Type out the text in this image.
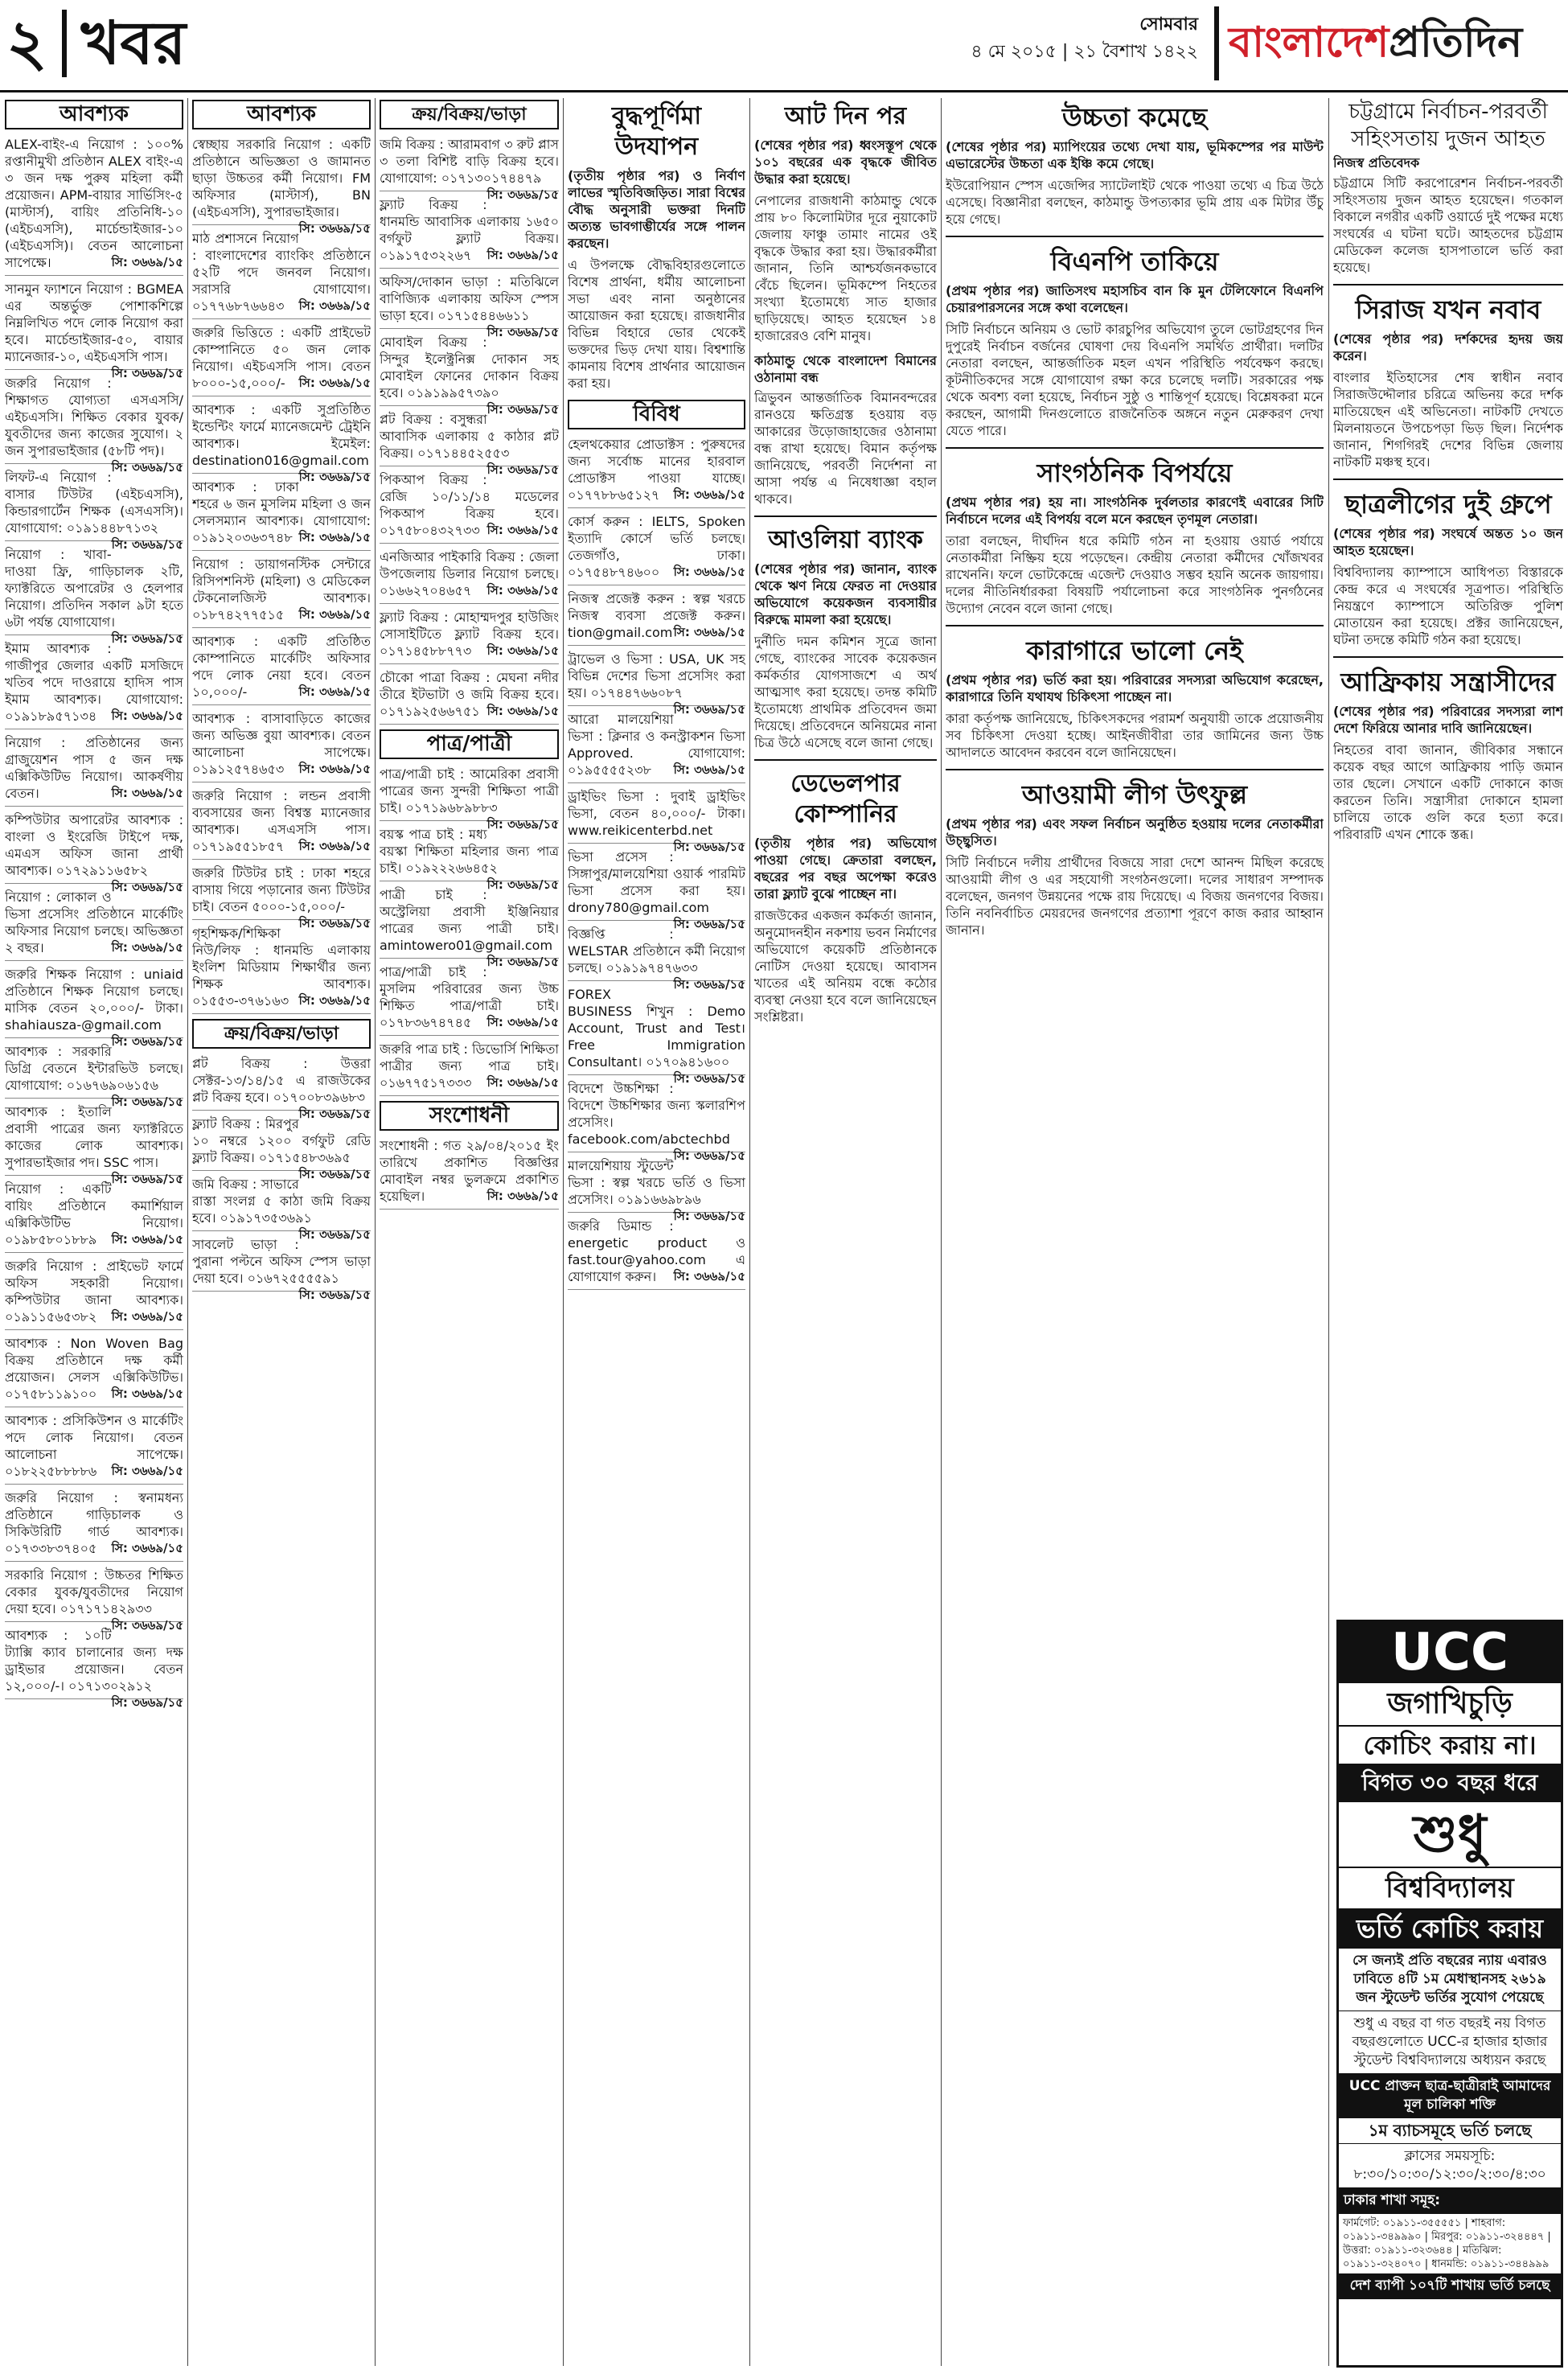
২ খবর	সোমবার
৪ মে ২০১৫ | ২১ বৈশাখ ১৪২২ বাংলাদেশ প্রতিদিন
আবশ্যক
ALEX-বাইং-এ নিয়োগ : ১০০% রপ্তানীমুখী প্রতিষ্ঠান ALEX বাইং-এ ৩ জন দক্ষ পুরুষ মহিলা কর্মী প্রয়োজন। APM-বায়ার সার্ভিসিং-৫ (মাস্টার্স), বায়িং প্রতিনিধি-১০ (এইচএসসি), মার্চেন্ডাইজার-১০ (এইচএসসি)। বেতন আলোচনা সাপেক্ষে।	সি: ৩৬৬৯/১৫
সানমুন ফ্যাশনে নিয়োগ : BGMEA এর অন্তর্ভুক্ত পোশাকশিল্পে নিম্নলিখিত পদে লোক নিয়োগ করা হবে। মার্চেন্ডাইজার-৫০, বায়ার ম্যানেজার-১০, এইচএসসি পাস।
সি: ৩৬৬৯/১৫
জরুরি নিয়োগ : শিক্ষাগত যোগ্যতা এসএসসি/এইচএসসি। শিক্ষিত বেকার যুবক/যুবতীদের জন্য কাজের সুযোগ। ২ জন সুপারভাইজার (৫৮টি পদ)।
সি: ৩৬৬৯/১৫
লিফট-এ নিয়োগ : বাসার টিউটর (এইচএসসি), কিন্ডারগার্টেন শিক্ষক (এসএসসি)। যোগাযোগ: ০১৯১৪৪৮৭১৩২
সি: ৩৬৬৯/১৫
নিয়োগ : খাবা-দাওয়া ফ্রি, গাড়িচালক ২টি, ফ্যাক্টরিতে অপারেটর ও হেলপার নিয়োগ। প্রতিদিন সকাল ৯টা হতে ৬টা পর্যন্ত যোগাযোগ।
সি: ৩৬৬৯/১৫
ইমাম আবশ্যক : গাজীপুর জেলার একটি মসজিদে খতিব পদে দাওরায়ে হাদিস পাস ইমাম আবশ্যক। যোগাযোগ: ০১৯১৮৯৫৭১৩৪ সি: ৩৬৬৯/১৫
নিয়োগ : প্রতিষ্ঠানের জন্য গ্রাজুয়েশন পাস ৫ জন দক্ষ এক্সিকিউটিভ নিয়োগ। আকর্ষণীয় বেতন।	সি: ৩৬৬৯/১৫
কম্পিউটার অপারেটর আবশ্যক : বাংলা ও ইংরেজি টাইপে দক্ষ, এমএস অফিস জানা প্রার্থী আবশ্যক। ০১৭২৯১১৬৫৮২
সি: ৩৬৬৯/১৫
নিয়োগ : লোকাল ও ভিসা প্রসেসিং প্রতিষ্ঠানে মার্কেটিং অফিসার নিয়োগ চলছে। অভিজ্ঞতা ২ বছর।	সি: ৩৬৬৯/১৫
জরুরি শিক্ষক নিয়োগ : uniaid প্রতিষ্ঠানে শিক্ষক নিয়োগ চলছে। মাসিক বেতন ২০,০০০/- টাকা। shahiausza-@gmail.com
সি: ৩৬৬৯/১৫
আবশ্যক : সরকারি ডিগ্রি বেতনে ইন্টারভিউ চলছে। যোগাযোগ: ০১৬৭৬৯০৬১৫৬
সি: ৩৬৬৯/১৫
আবশ্যক : ইতালি প্রবাসী পাত্রের জন্য ফ্যাক্টরিতে কাজের লোক আবশ্যক। সুপারভাইজার পদ। SSC পাস।
সি: ৩৬৬৯/১৫
নিয়োগ : একটি বায়িং প্রতিষ্ঠানে কমার্শিয়াল এক্সিকিউটিভ নিয়োগ। ০১৯৮৫৮০১৮৮৯ সি: ৩৬৬৯/১৫
জরুরি নিয়োগ : প্রাইভেট ফার্মে অফিস সহকারী নিয়োগ। কম্পিউটার জানা আবশ্যক। ০১৯১১৫৬৫৩৮২ সি: ৩৬৬৯/১৫
আবশ্যক : Non Woven Bag বিক্রয় প্রতিষ্ঠানে দক্ষ কর্মী প্রয়োজন। সেলস এক্সিকিউটিভ। ০১৭৫৮১১৯১০০ সি: ৩৬৬৯/১৫
আবশ্যক : প্রসিকিউশন ও মার্কেটিং পদে লোক নিয়োগ। বেতন আলোচনা সাপেক্ষে। ০১৮২২৫৮৮৮৮৬ সি: ৩৬৬৯/১৫
জরুরি নিয়োগ : স্বনামধন্য প্রতিষ্ঠানে গাড়িচালক ও সিকিউরিটি গার্ড আবশ্যক। ০১৭৩৩৮৩৭৪০৫ সি: ৩৬৬৯/১৫
সরকারি নিয়োগ : উচ্চতর শিক্ষিত বেকার যুবক/যুবতীদের নিয়োগ দেয়া হবে। ০১৭১৭১৪২৯৩৩
সি: ৩৬৬৯/১৫
আবশ্যক : ১০টি ট্যাক্সি ক্যাব চালানোর জন্য দক্ষ ড্রাইভার প্রয়োজন। বেতন ১২,০০০/-। ০১৭১৩০২৯১২
সি: ৩৬৬৯/১৫
আবশ্যক
স্বেচ্ছায় সরকারি নিয়োগ : একটি প্রতিষ্ঠানে অভিজ্ঞতা ও জামানত ছাড়া উচ্চতর কর্মী নিয়োগ। FM অফিসার (মাস্টার্স), BN (এইচএসসি), সুপারভাইজার।
সি: ৩৬৬৯/১৫
মাঠ প্রশাসনে নিয়োগ : বাংলাদেশের ব্যাংকিং প্রতিষ্ঠানে ৫২টি পদে জনবল নিয়োগ। সরাসরি যোগাযোগ। ০১৭৭৬৮৭৬৬৪৩ সি: ৩৬৬৯/১৫
জরুরি ভিত্তিতে : একটি প্রাইভেট কোম্পানিতে ৫০ জন লোক নিয়োগ। এইচএসসি পাস। বেতন ৮০০০-১৫,০০০/- সি: ৩৬৬৯/১৫
আবশ্যক : একটি সুপ্রতিষ্ঠিত ইন্ডেন্টিং ফার্মে ম্যানেজমেন্ট ট্রেইনি আবশ্যক। ইমেইল: destination016@gmail.com
সি: ৩৬৬৯/১৫
আবশ্যক : ঢাকা শহরে ৬ জন মুসলিম মহিলা ও জন সেলসম্যান আবশ্যক। যোগাযোগ: ০১৯১২০৩৬৩৭৪৮ সি: ৩৬৬৯/১৫
নিয়োগ : ডায়াগনস্টিক সেন্টারে রিসিপশনিস্ট (মহিলা) ও মেডিকেল টেকনোলজিস্ট আবশ্যক। ০১৮৭৪২৭৭৫১৫ সি: ৩৬৬৯/১৫
আবশ্যক : একটি প্রতিষ্ঠিত কোম্পানিতে মার্কেটিং অফিসার পদে লোক নেয়া হবে। বেতন ১০,০০০/-	সি: ৩৬৬৯/১৫
আবশ্যক : বাসাবাড়িতে কাজের জন্য অভিজ্ঞ বুয়া আবশ্যক। বেতন আলোচনা সাপেক্ষে। ০১৯১২৫৭৪৬৫৩ সি: ৩৬৬৯/১৫
জরুরি নিয়োগ : লন্ডন প্রবাসী ব্যবসায়ের জন্য বিশ্বস্ত ম্যানেজার আবশ্যক। এসএসসি পাস। ০১৭১৯৫৫১৮৫৭ সি: ৩৬৬৯/১৫
জরুরি টিউটর চাই : ঢাকা শহরে বাসায় গিয়ে পড়ানোর জন্য টিউটর চাই। বেতন ৫০০০-১৫,০০০/-
সি: ৩৬৬৯/১৫
গৃহশিক্ষক/শিক্ষিকা নিউ/লিফ : ধানমন্ডি এলাকায় ইংলিশ মিডিয়াম শিক্ষার্থীর জন্য শিক্ষক আবশ্যক। ০১৫৫৩-৩৭৬১৬৩ সি: ৩৬৬৯/১৫
ক্রয়/বিক্রয়/ভাড়া
প্লট বিক্রয় : উত্তরা সেক্টর-১৩/১৪/১৫ এ রাজউকের প্লট বিক্রয় হবে। ০১৭০০৮৩৯৬৮৩
সি: ৩৬৬৯/১৫
ফ্ল্যাট বিক্রয় : মিরপুর ১০ নম্বরে ১২০০ বর্গফুট রেডি ফ্ল্যাট বিক্রয়। ০১৭১৫৪৮৩৬৯৫
সি: ৩৬৬৯/১৫
জমি বিক্রয় : সাভারে রাস্তা সংলগ্ন ৫ কাঠা জমি বিক্রয় হবে। ০১৯১৭৩৫৩৬৯১
সি: ৩৬৬৯/১৫
সাবলেট ভাড়া : পুরানা পল্টনে অফিস স্পেস ভাড়া দেয়া হবে। ০১৬৭২৫৫৫৫৯১
সি: ৩৬৬৯/১৫
ক্রয়/বিক্রয়/ভাড়া
জমি বিক্রয় : আরামবাগ ৩ রুট প্লাস ৩ তলা বিশিষ্ট বাড়ি বিক্রয় হবে। যোগাযোগ: ০১৭১৩০১৭৪৪৭৯
সি: ৩৬৬৯/১৫
ফ্ল্যাট বিক্রয় : ধানমন্ডি আবাসিক এলাকায় ১৬৫০ বর্গফুট ফ্ল্যাট বিক্রয়। ০১৯১৭৫৩২২৬৭ সি: ৩৬৬৯/১৫
অফিস/দোকান ভাড়া : মতিঝিলে বাণিজ্যিক এলাকায় অফিস স্পেস ভাড়া হবে। ০১৭১৫৪৪৬৬১১
সি: ৩৬৬৯/১৫
মোবাইল বিক্রয় : সিন্দুর ইলেক্ট্রনিক্স দোকান সহ মোবাইল ফোনের দোকান বিক্রয় হবে। ০১৯১৯৯৫৭৩৯০
সি: ৩৬৬৯/১৫
প্লট বিক্রয় : বসুন্ধরা আবাসিক এলাকায় ৫ কাঠার প্লট বিক্রয়। ০১৭১৪৪৫২৫৫৩
সি: ৩৬৬৯/১৫
পিকআপ বিক্রয় : রেজি ১০/১১/১৪ মডেলের পিকআপ বিক্রয় হবে। ০১৭৫৮০৪৩২৭৩৩ সি: ৩৬৬৯/১৫
এনজিআর পাইকারি বিক্রয় : জেলা উপজেলায় ডিলার নিয়োগ চলছে। ০১৬৬২৭০৪৬৫৭ সি: ৩৬৬৯/১৫
ফ্ল্যাট বিক্রয় : মোহাম্মদপুর হাউজিং সোসাইটিতে ফ্ল্যাট বিক্রয় হবে। ০১৭১৪৫৮৮৭৭৩ সি: ৩৬৬৯/১৫
চৌকো পাত্রা বিক্রয় : মেঘনা নদীর তীরে ইটভাটা ও জমি বিক্রয় হবে। ০১৭১৯২৫৬৬৭৫১ সি: ৩৬৬৯/১৫
পাত্র/পাত্রী
পাত্র/পাত্রী চাই : আমেরিকা প্রবাসী পাত্রের জন্য সুন্দরী শিক্ষিতা পাত্রী চাই। ০১৭১৯৬৮৯৮৮৩
সি: ৩৬৬৯/১৫
বয়স্ক পাত্র চাই : মধ্য বয়স্কা শিক্ষিতা মহিলার জন্য পাত্র চাই। ০১৯২২২৬৬৪৫২
সি: ৩৬৬৯/১৫
পাত্রী চাই : অস্ট্রেলিয়া প্রবাসী ইঞ্জিনিয়ার পাত্রের জন্য পাত্রী চাই। amintowero01@gmail.com
সি: ৩৬৬৯/১৫
পাত্র/পাত্রী চাই : মুসলিম পরিবারের জন্য উচ্চ শিক্ষিত পাত্র/পাত্রী চাই। ০১৭৮৩৬৭৪৭৪৫ সি: ৩৬৬৯/১৫
জরুরি পাত্র চাই : ডিভোর্সি শিক্ষিতা পাত্রীর জন্য পাত্র চাই। ০১৬৭৭৫১৭৩৩৩ সি: ৩৬৬৯/১৫
সংশোধনী
সংশোধনী : গত ২৯/০৪/২০১৫ ইং তারিখে প্রকাশিত বিজ্ঞপ্তির মোবাইল নম্বর ভুলক্রমে প্রকাশিত হয়েছিল।	সি: ৩৬৬৯/১৫
বুদ্ধপূর্ণিমা উদযাপন

(তৃতীয় পৃষ্ঠার পর) ও নির্বাণ লাভের স্মৃতিবিজড়িত। সারা বিশ্বের বৌদ্ধ অনুসারী ভক্তরা দিনটি অত্যন্ত ভাবগাম্ভীর্যের সঙ্গে পালন করছেন।

এ উপলক্ষে বৌদ্ধবিহারগুলোতে বিশেষ প্রার্থনা, ধর্মীয় আলোচনা সভা এবং নানা অনুষ্ঠানের আয়োজন করা হয়েছে। রাজধানীর বিভিন্ন বিহারে ভোর থেকেই ভক্তদের ভিড় দেখা যায়। বিশ্বশান্তি কামনায় বিশেষ প্রার্থনার আয়োজন করা হয়।

বিবিধ
হেলথকেয়ার প্রোডাক্টস : পুরুষদের জন্য সর্বোচ্চ মানের হারবাল প্রোডাক্টস পাওয়া যাচ্ছে। ০১৭৭৮৮৬৫১২৭ সি: ৩৬৬৯/১৫
কোর্স করুন : IELTS, Spoken ইত্যাদি কোর্সে ভর্তি চলছে। তেজগাঁও, ঢাকা। ০১৭৫৪৮৭৪৬০০ সি: ৩৬৬৯/১৫
নিজস্ব প্রজেক্ট করুন : স্বল্প খরচে নিজস্ব ব্যবসা প্রজেক্ট করুন। tion@gmail.com সি: ৩৬৬৯/১৫
ট্রাভেল ও ভিসা : USA, UK সহ বিভিন্ন দেশের ভিসা প্রসেসিং করা হয়। ০১৭৪৪৭৬৬০৮৭
সি: ৩৬৬৯/১৫
আরো মালয়েশিয়া ভিসা : ক্লিনার ও কনস্ট্রাকশন ভিসা Approved. যোগাযোগ: ০১৯৫৫৫৫২৩৮ সি: ৩৬৬৯/১৫
ড্রাইভিং ভিসা : দুবাই ড্রাইভিং ভিসা, বেতন ৪০,০০০/- টাকা। www.reikicenterbd.net
সি: ৩৬৬৯/১৫
ভিসা প্রসেস : সিঙ্গাপুর/মালয়েশিয়া ওয়ার্ক পারমিট ভিসা প্রসেস করা হয়। drony780@gmail.com
সি: ৩৬৬৯/১৫
বিজ্ঞপ্তি : WELSTAR প্রতিষ্ঠানে কর্মী নিয়োগ চলছে। ০১৯১৯৭৪৭৬৩৩
সি: ৩৬৬৯/১৫
FOREX BUSINESS শিখুন : Demo Account, Trust and Test। Free Immigration Consultant। ০১৭০৯৪১৬০০
সি: ৩৬৬৯/১৫
বিদেশে উচ্চশিক্ষা : বিদেশে উচ্চশিক্ষার জন্য স্কলারশিপ প্রসেসিং। facebook.com/abctechbd
সি: ৩৬৬৯/১৫
মালয়েশিয়ায় স্টুডেন্ট ভিসা : স্বল্প খরচে ভর্তি ও ভিসা প্রসেসিং। ০১৯১৬৬৯৮৯৬
সি: ৩৬৬৯/১৫
জরুরি ডিমান্ড : energetic product ও fast.tour@yahoo.com এ যোগাযোগ করুন। সি: ৩৬৬৯/১৫
আট দিন পর

(শেষের পৃষ্ঠার পর) ধ্বংসস্তূপ থেকে ১০১ বছরের এক বৃদ্ধকে জীবিত উদ্ধার করা হয়েছে।

নেপালের রাজধানী কাঠমান্ডু থেকে প্রায় ৮০ কিলোমিটার দূরে নুয়াকোট জেলায় ফাঞ্চু তামাং নামের ওই বৃদ্ধকে উদ্ধার করা হয়। উদ্ধারকর্মীরা জানান, তিনি আশ্চর্যজনকভাবে বেঁচে ছিলেন। ভূমিকম্পে নিহতের সংখ্যা ইতোমধ্যে সাত হাজার ছাড়িয়েছে। আহত হয়েছেন ১৪ হাজারেরও বেশি মানুষ।

কাঠমান্ডু থেকে বাংলাদেশ বিমানের ওঠানামা বন্ধ

ত্রিভুবন আন্তর্জাতিক বিমানবন্দরের রানওয়ে ক্ষতিগ্রস্ত হওয়ায় বড় আকারের উড়োজাহাজের ওঠানামা বন্ধ রাখা হয়েছে। বিমান কর্তৃপক্ষ জানিয়েছে, পরবর্তী নির্দেশনা না আসা পর্যন্ত এ নিষেধাজ্ঞা বহাল থাকবে।

আওলিয়া ব্যাংক

(শেষের পৃষ্ঠার পর) জানান, ব্যাংক থেকে ঋণ নিয়ে ফেরত না দেওয়ার অভিযোগে কয়েকজন ব্যবসায়ীর বিরুদ্ধে মামলা করা হয়েছে।

দুর্নীতি দমন কমিশন সূত্রে জানা গেছে, ব্যাংকের সাবেক কয়েকজন কর্মকর্তার যোগসাজশে এ অর্থ আত্মসাৎ করা হয়েছে। তদন্ত কমিটি ইতোমধ্যে প্রাথমিক প্রতিবেদন জমা দিয়েছে। প্রতিবেদনে অনিয়মের নানা চিত্র উঠে এসেছে বলে জানা গেছে।

ডেভেলপার কোম্পানির

(তৃতীয় পৃষ্ঠার পর) অভিযোগ পাওয়া গেছে। ক্রেতারা বলছেন, বছরের পর বছর অপেক্ষা করেও তারা ফ্ল্যাট বুঝে পাচ্ছেন না।

রাজউকের একজন কর্মকর্তা জানান, অনুমোদনহীন নকশায় ভবন নির্মাণের অভিযোগে কয়েকটি প্রতিষ্ঠানকে নোটিস দেওয়া হয়েছে। আবাসন খাতের এই অনিয়ম বন্ধে কঠোর ব্যবস্থা নেওয়া হবে বলে জানিয়েছেন সংশ্লিষ্টরা।

উচ্চতা কমেছে

(শেষের পৃষ্ঠার পর) ম্যাপিংয়ের তথ্যে দেখা যায়, ভূমিকম্পের পর মাউন্ট এভারেস্টের উচ্চতা এক ইঞ্চি কমে গেছে।

ইউরোপিয়ান স্পেস এজেন্সির স্যাটেলাইট থেকে পাওয়া তথ্যে এ চিত্র উঠে এসেছে। বিজ্ঞানীরা বলছেন, কাঠমান্ডু উপত্যকার ভূমি প্রায় এক মিটার উঁচু হয়ে গেছে।

বিএনপি তাকিয়ে

(প্রথম পৃষ্ঠার পর) জাতিসংঘ মহাসচিব বান কি মুন টেলিফোনে বিএনপি চেয়ারপারসনের সঙ্গে কথা বলেছেন।

সিটি নির্বাচনে অনিয়ম ও ভোট কারচুপির অভিযোগ তুলে ভোটগ্রহণের দিন দুপুরেই নির্বাচন বর্জনের ঘোষণা দেয় বিএনপি সমর্থিত প্রার্থীরা। দলটির নেতারা বলছেন, আন্তর্জাতিক মহল এখন পরিস্থিতি পর্যবেক্ষণ করছে। কূটনীতিকদের সঙ্গে যোগাযোগ রক্ষা করে চলেছে দলটি। সরকারের পক্ষ থেকে অবশ্য বলা হয়েছে, নির্বাচন সুষ্ঠু ও শান্তিপূর্ণ হয়েছে। বিশ্লেষকরা মনে করছেন, আগামী দিনগুলোতে রাজনৈতিক অঙ্গনে নতুন মেরুকরণ দেখা যেতে পারে।

সাংগঠনিক বিপর্যয়ে

(প্রথম পৃষ্ঠার পর) হয় না। সাংগঠনিক দুর্বলতার কারণেই এবারের সিটি নির্বাচনে দলের এই বিপর্যয় বলে মনে করছেন তৃণমূল নেতারা।

তারা বলছেন, দীর্ঘদিন ধরে কমিটি গঠন না হওয়ায় ওয়ার্ড পর্যায়ে নেতাকর্মীরা নিষ্ক্রিয় হয়ে পড়েছেন। কেন্দ্রীয় নেতারা কর্মীদের খোঁজখবর রাখেননি। ফলে ভোটকেন্দ্রে এজেন্ট দেওয়াও সম্ভব হয়নি অনেক জায়গায়। দলের নীতিনির্ধারকরা বিষয়টি পর্যালোচনা করে সাংগঠনিক পুনর্গঠনের উদ্যোগ নেবেন বলে জানা গেছে।

কারাগারে ভালো নেই

(প্রথম পৃষ্ঠার পর) ভর্তি করা হয়। পরিবারের সদস্যরা অভিযোগ করেছেন, কারাগারে তিনি যথাযথ চিকিৎসা পাচ্ছেন না।

কারা কর্তৃপক্ষ জানিয়েছে, চিকিৎসকদের পরামর্শ অনুযায়ী তাকে প্রয়োজনীয় সব চিকিৎসা দেওয়া হচ্ছে। আইনজীবীরা তার জামিনের জন্য উচ্চ আদালতে আবেদন করবেন বলে জানিয়েছেন।

আওয়ামী লীগ উৎফুল্ল

(প্রথম পৃষ্ঠার পর) এবং সফল নির্বাচন অনুষ্ঠিত হওয়ায় দলের নেতাকর্মীরা উচ্ছ্বসিত।

সিটি নির্বাচনে দলীয় প্রার্থীদের বিজয়ে সারা দেশে আনন্দ মিছিল করেছে আওয়ামী লীগ ও এর সহযোগী সংগঠনগুলো। দলের সাধারণ সম্পাদক বলেছেন, জনগণ উন্নয়নের পক্ষে রায় দিয়েছে। এ বিজয় জনগণের বিজয়। তিনি নবনির্বাচিত মেয়রদের জনগণের প্রত্যাশা পূরণে কাজ করার আহ্বান জানান।

চট্টগ্রামে নির্বাচন-পরবর্তী সহিংসতায় দুজন আহত
নিজস্ব প্রতিবেদক

চট্টগ্রামে সিটি করপোরেশন নির্বাচন-পরবর্তী সহিংসতায় দুজন আহত হয়েছেন। গতকাল বিকালে নগরীর একটি ওয়ার্ডে দুই পক্ষের মধ্যে সংঘর্ষের এ ঘটনা ঘটে। আহতদের চট্টগ্রাম মেডিকেল কলেজ হাসপাতালে ভর্তি করা হয়েছে।

সিরাজ যখন নবাব

(শেষের পৃষ্ঠার পর) দর্শকদের হৃদয় জয় করেন।

বাংলার ইতিহাসের শেষ স্বাধীন নবাব সিরাজউদ্দৌলার চরিত্রে অভিনয় করে দর্শক মাতিয়েছেন এই অভিনেতা। নাটকটি দেখতে মিলনায়তনে উপচেপড়া ভিড় ছিল। নির্দেশক জানান, শিগগিরই দেশের বিভিন্ন জেলায় নাটকটি মঞ্চস্থ হবে।

ছাত্রলীগের দুই গ্রুপে

(শেষের পৃষ্ঠার পর) সংঘর্ষে অন্তত ১০ জন আহত হয়েছেন।

বিশ্ববিদ্যালয় ক্যাম্পাসে আধিপত্য বিস্তারকে কেন্দ্র করে এ সংঘর্ষের সূত্রপাত। পরিস্থিতি নিয়ন্ত্রণে ক্যাম্পাসে অতিরিক্ত পুলিশ মোতায়েন করা হয়েছে। প্রক্টর জানিয়েছেন, ঘটনা তদন্তে কমিটি গঠন করা হয়েছে।

আফ্রিকায় সন্ত্রাসীদের

(শেষের পৃষ্ঠার পর) পরিবারের সদস্যরা লাশ দেশে ফিরিয়ে আনার দাবি জানিয়েছেন।

নিহতের বাবা জানান, জীবিকার সন্ধানে কয়েক বছর আগে আফ্রিকায় পাড়ি জমান তার ছেলে। সেখানে একটি দোকানে কাজ করতেন তিনি। সন্ত্রাসীরা দোকানে হামলা চালিয়ে তাকে গুলি করে হত্যা করে। পরিবারটি এখন শোকে স্তব্ধ।

UCC
জগাখিচুড়ি
কোচিং করায় না।
বিগত ৩০ বছর ধরে
শুধু
বিশ্ববিদ্যালয়
ভর্তি কোচিং করায়
সে জন্যই প্রতি বছরের ন্যায় এবারও ঢাবিতে ৪টি ১ম মেধাস্থানসহ ২৬১৯ জন স্টুডেন্ট ভর্তির সুযোগ পেয়েছে
শুধু এ বছর বা গত বছরই নয় বিগত বছরগুলোতে UCC-র হাজার হাজার স্টুডেন্ট বিশ্ববিদ্যালয়ে অধ্যয়ন করছে
UCC প্রাক্তন ছাত্র-ছাত্রীরাই আমাদের মূল চালিকা শক্তি
১ম ব্যাচসমূহে ভর্তি চলছে
ক্লাসের সময়সূচি: ৮:৩০/১০:৩০/১২:৩০/২:৩০/৪:৩০
ঢাকার শাখা সমূহ:
ফার্মগেট: ০১৯১১-৩৫৫৫৫১ | শাহবাগ: ০১৯১১-৩৪৯৯৯০ | মিরপুর: ০১৯১১-৩২৪৪৪৭ | উত্তরা: ০১৯১১-৩২৩৬৪৪ | মতিঝিল: ০১৯১১-৩২৪০৭০ | ধানমন্ডি: ০১৯১১-৩৪৪৯৯৯
দেশ ব্যাপী ১০৭টি শাখায় ভর্তি চলছে
